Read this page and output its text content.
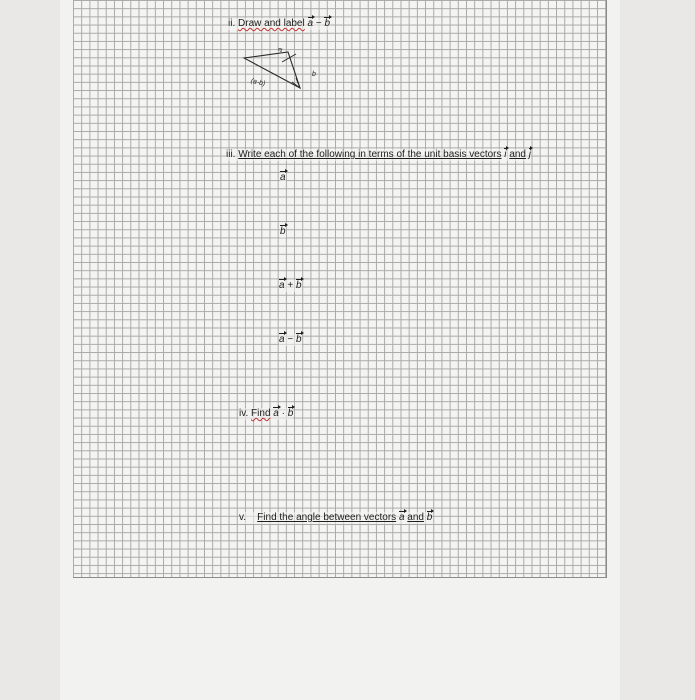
ii. Draw and label a − b
a
b
(a-b)
iii. Write each of the following in terms of the unit basis vectors i and j
a
b
a + b
a − b
iv. Find a · b
v. Find the angle between vectors a and b
